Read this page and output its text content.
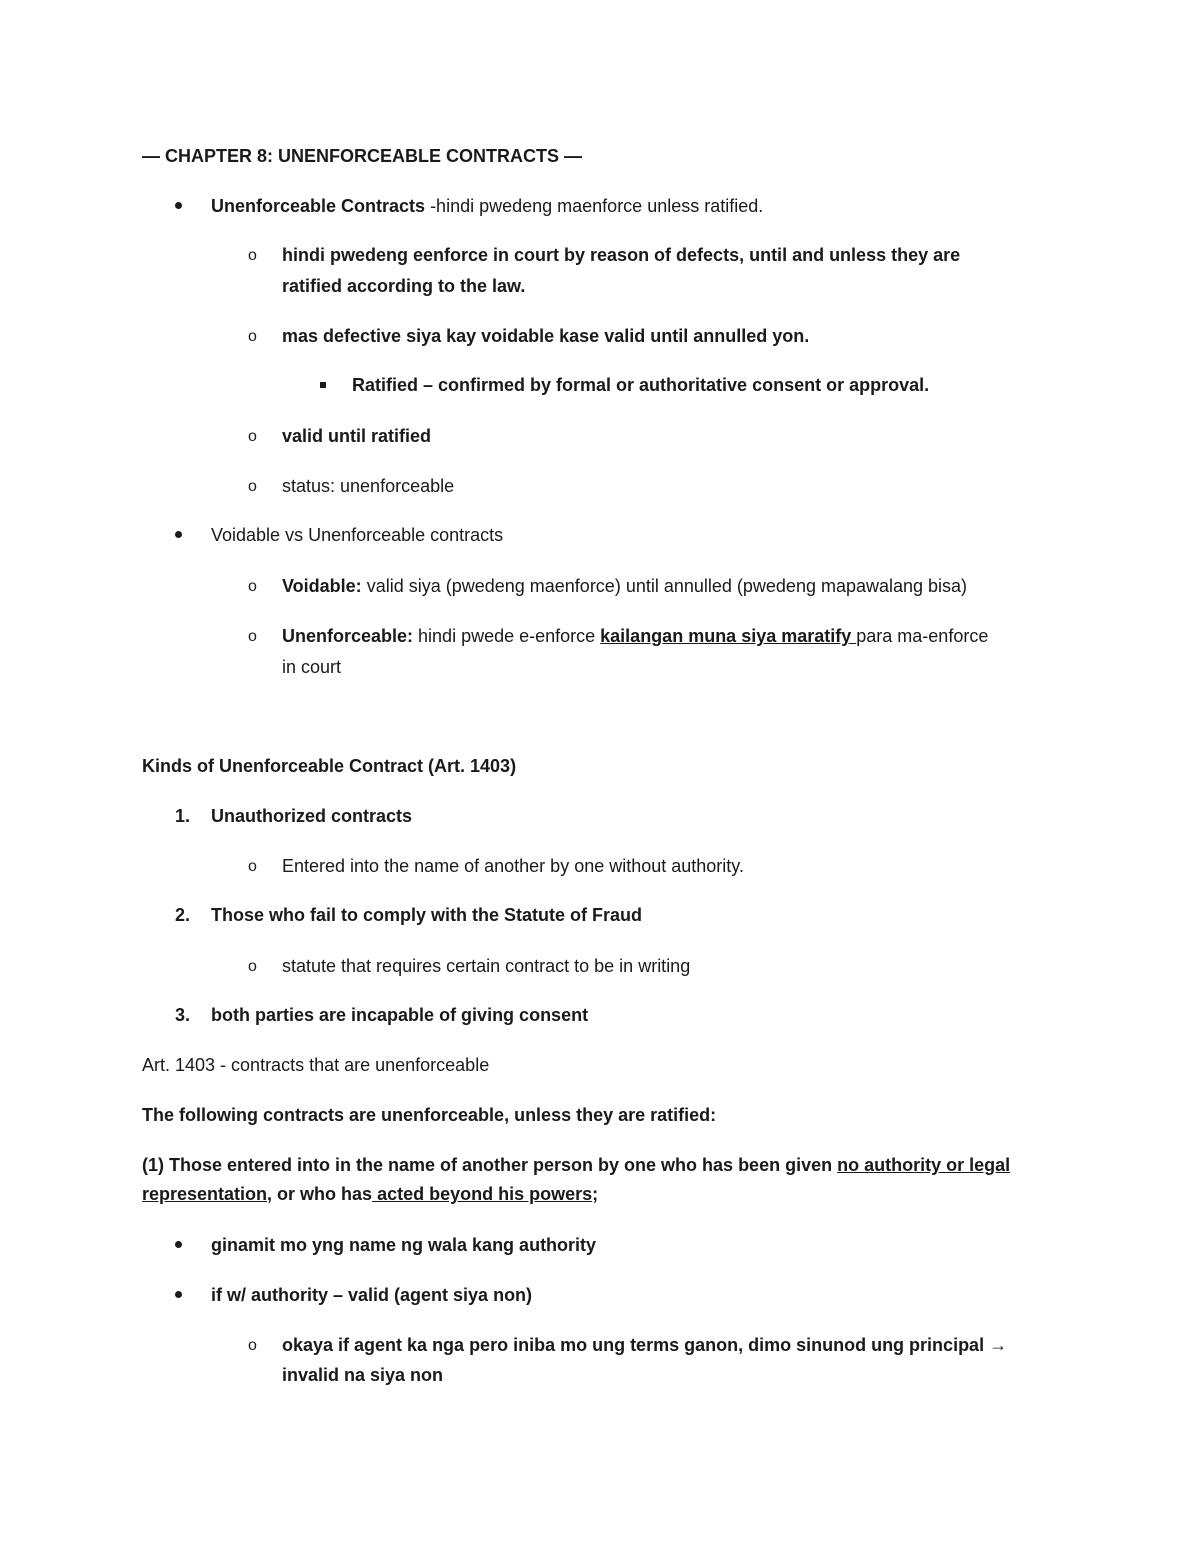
— CHAPTER 8: UNENFORCEABLE CONTRACTS —
Unenforceable Contracts -hindi pwedeng maenforce unless ratified.
o hindi pwedeng eenforce in court by reason of defects, until and unless they are
ratified according to the law.
o mas defective siya kay voidable kase valid until annulled yon.
Ratified – confirmed by formal or authoritative consent or approval.
o valid until ratified
o status: unenforceable
Voidable vs Unenforceable contracts
o Voidable: valid siya (pwedeng maenforce) until annulled (pwedeng mapawalang bisa)
o Unenforceable: hindi pwede e-enforce kailangan muna siya maratify para ma-enforce
in court
Kinds of Unenforceable Contract (Art. 1403)
1. Unauthorized contracts
o Entered into the name of another by one without authority.
2. Those who fail to comply with the Statute of Fraud
o statute that requires certain contract to be in writing
3. both parties are incapable of giving consent
Art. 1403 - contracts that are unenforceable
The following contracts are unenforceable, unless they are ratified:
(1) Those entered into in the name of another person by one who has been given no authority or legal
representation, or who has acted beyond his powers;
ginamit mo yng name ng wala kang authority
if w/ authority – valid (agent siya non)
o okaya if agent ka nga pero iniba mo ung terms ganon, dimo sinunod ung principal →
invalid na siya non
